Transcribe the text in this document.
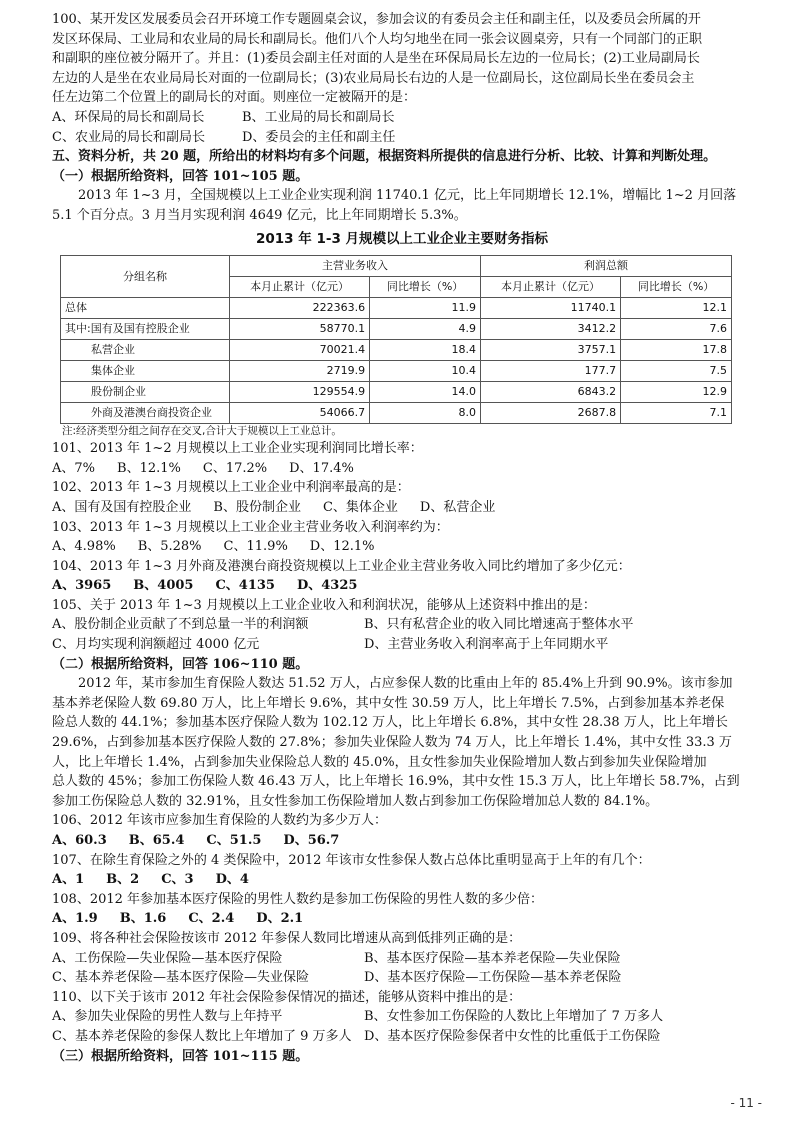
100、某开发区发展委员会召开环境工作专题圆桌会议，参加会议的有委员会主任和副主任，以及委员会所属的开

发区环保局、工业局和农业局的局长和副局长。他们八个人均匀地坐在同一张会议圆桌旁，只有一个同部门的正职

和副职的座位被分隔开了。并且：(1)委员会副主任对面的人是坐在环保局局长左边的一位局长；(2)工业局副局长

左边的人是坐在农业局局长对面的一位副局长；(3)农业局局长右边的人是一位副局长，这位副局长坐在委员会主

任左边第二个位置上的副局长的对面。则座位一定被隔开的是：

A、环保局的局长和副局长	B、工业局的局长和副局长
C、农业局的局长和副局长	D、委员会的主任和副主任

五、资料分析，共 20 题，所给出的材料均有多个问题，根据资料所提供的信息进行分析、比较、计算和判断处理。

（一）根据所给资料，回答 101~105 题。

2013 年 1~3 月，全国规模以上工业企业实现利润 11740.1 亿元，比上年同期增长 12.1%，增幅比 1~2 月回落

5.1 个百分点。3 月当月实现利润 4649 亿元，比上年同期增长 5.3%。

2013 年 1-3 月规模以上工业企业主要财务指标
分组名称	主营业务收入		利润总额	
	本月止累计（亿元）	同比增长（%）	本月止累计（亿元）	同比增长（%）
总体	222363.6	11.9	11740.1	12.1
其中:国有及国有控股企业	58770.1	4.9	3412.2	7.6
私营企业	70021.4	18.4	3757.1	17.8
集体企业	2719.9	10.4	177.7	7.5
股份制企业	129554.9	14.0	6843.2	12.9
外商及港澳台商投资企业	54066.7	8.0	2687.8	7.1
注:经济类型分组之间存在交叉,合计大于规模以上工业总计。

101、2013 年 1~2 月规模以上工业企业实现利润同比增长率：

A、7% B、12.1% C、17.2% D、17.4%

102、2013 年 1~3 月规模以上工业企业中利润率最高的是：

A、国有及国有控股企业 B、股份制企业 C、集体企业 D、私营企业

103、2013 年 1~3 月规模以上工业企业主营业务收入利润率约为：

A、4.98% B、5.28% C、11.9% D、12.1%

104、2013 年 1~3 月外商及港澳台商投资规模以上工业企业主营业务收入同比约增加了多少亿元：

A、3965 B、4005 C、4135 D、4325

105、关于 2013 年 1~3 月规模以上工业企业收入和利润状况，能够从上述资料中推出的是：

A、股份制企业贡献了不到总量一半的利润额	B、只有私营企业的收入同比增速高于整体水平
C、月均实现利润额超过 4000 亿元	D、主营业务收入利润率高于上年同期水平

（二）根据所给资料，回答 106~110 题。

2012 年，某市参加生育保险人数达 51.52 万人，占应参保人数的比重由上年的 85.4%上升到 90.9%。该市参加

基本养老保险人数 69.80 万人，比上年增长 9.6%，其中女性 30.59 万人，比上年增长 7.5%，占到参加基本养老保

险总人数的 44.1%；参加基本医疗保险人数为 102.12 万人，比上年增长 6.8%，其中女性 28.38 万人，比上年增长

29.6%，占到参加基本医疗保险人数的 27.8%；参加失业保险人数为 74 万人，比上年增长 1.4%，其中女性 33.3 万

人，比上年增长 1.4%，占到参加失业保险总人数的 45.0%，且女性参加失业保险增加人数占到参加失业保险增加

总人数的 45%；参加工伤保险人数 46.43 万人，比上年增长 16.9%，其中女性 15.3 万人，比上年增长 58.7%，占到

参加工伤保险总人数的 32.91%，且女性参加工伤保险增加人数占到参加工伤保险增加总人数的 84.1%。

106、2012 年该市应参加生育保险的人数约为多少万人：

A、60.3 B、65.4 C、51.5 D、56.7

107、在除生育保险之外的 4 类保险中，2012 年该市女性参保人数占总体比重明显高于上年的有几个：

A、1 B、2 C、3 D、4

108、2012 年参加基本医疗保险的男性人数约是参加工伤保险的男性人数的多少倍：

A、1.9 B、1.6 C、2.4 D、2.1

109、将各种社会保险按该市 2012 年参保人数同比增速从高到低排列正确的是：

A、工伤保险—失业保险—基本医疗保险	B、基本医疗保险—基本养老保险—失业保险
C、基本养老保险—基本医疗保险—失业保险	D、基本医疗保险—工伤保险—基本养老保险

110、以下关于该市 2012 年社会保险参保情况的描述，能够从资料中推出的是：

A、参加失业保险的男性人数与上年持平	B、女性参加工伤保险的人数比上年增加了 7 万多人
C、基本养老保险的参保人数比上年增加了 9 万多人 D、基本医疗保险参保者中女性的比重低于工伤保险

（三）根据所给资料，回答 101~115 题。

- 11 -
